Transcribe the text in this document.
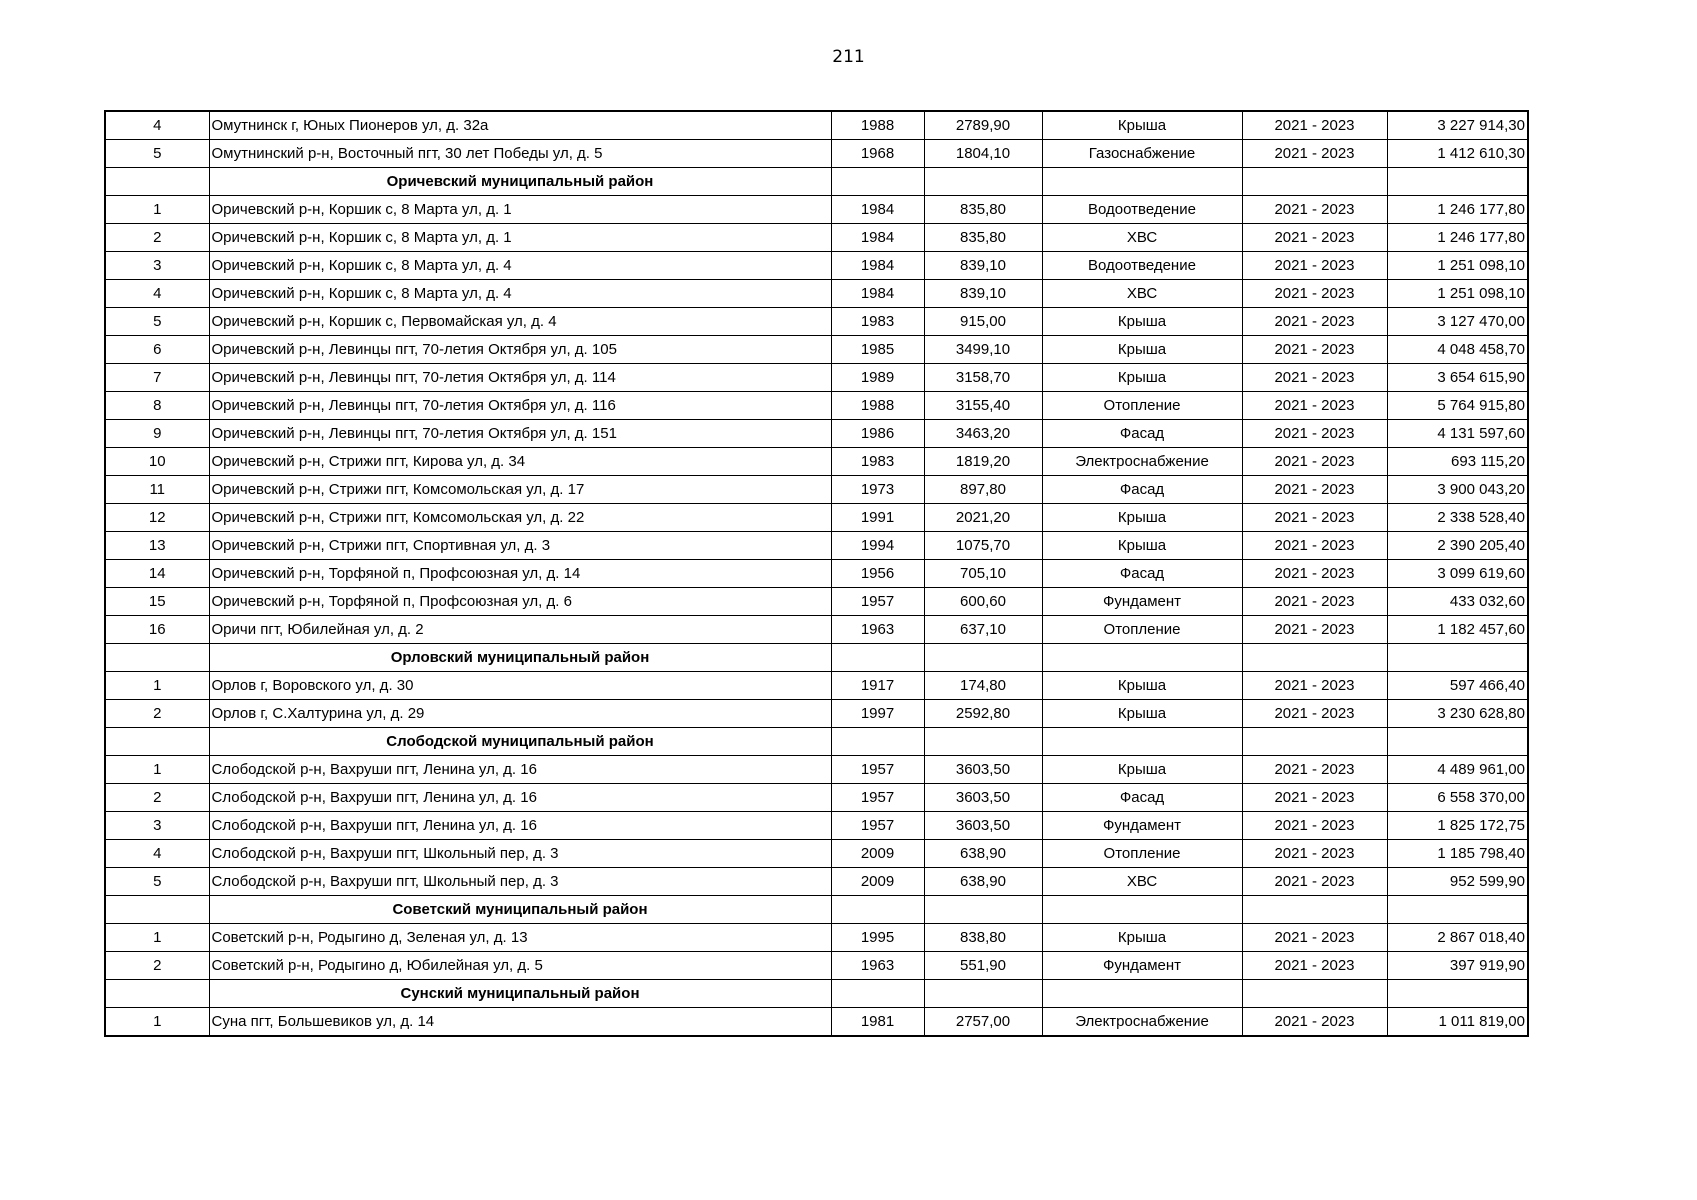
211
4	Омутнинск г, Юных Пионеров ул, д. 32а	1988	2789,90	Крыша	2021 - 2023	3 227 914,30
5	Омутнинский р-н, Восточный пгт, 30 лет Победы ул, д. 5	1968	1804,10	Газоснабжение	2021 - 2023	1 412 610,30
	Оричевский муниципальный район					
1	Оричевский р-н, Коршик с, 8 Марта ул, д. 1	1984	835,80	Водоотведение	2021 - 2023	1 246 177,80
2	Оричевский р-н, Коршик с, 8 Марта ул, д. 1	1984	835,80	ХВС	2021 - 2023	1 246 177,80
3	Оричевский р-н, Коршик с, 8 Марта ул, д. 4	1984	839,10	Водоотведение	2021 - 2023	1 251 098,10
4	Оричевский р-н, Коршик с, 8 Марта ул, д. 4	1984	839,10	ХВС	2021 - 2023	1 251 098,10
5	Оричевский р-н, Коршик с, Первомайская ул, д. 4	1983	915,00	Крыша	2021 - 2023	3 127 470,00
6	Оричевский р-н, Левинцы пгт, 70-летия Октября ул, д. 105	1985	3499,10	Крыша	2021 - 2023	4 048 458,70
7	Оричевский р-н, Левинцы пгт, 70-летия Октября ул, д. 114	1989	3158,70	Крыша	2021 - 2023	3 654 615,90
8	Оричевский р-н, Левинцы пгт, 70-летия Октября ул, д. 116	1988	3155,40	Отопление	2021 - 2023	5 764 915,80
9	Оричевский р-н, Левинцы пгт, 70-летия Октября ул, д. 151	1986	3463,20	Фасад	2021 - 2023	4 131 597,60
10	Оричевский р-н, Стрижи пгт, Кирова ул, д. 34	1983	1819,20	Электроснабжение	2021 - 2023	693 115,20
11	Оричевский р-н, Стрижи пгт, Комсомольская ул, д. 17	1973	897,80	Фасад	2021 - 2023	3 900 043,20
12	Оричевский р-н, Стрижи пгт, Комсомольская ул, д. 22	1991	2021,20	Крыша	2021 - 2023	2 338 528,40
13	Оричевский р-н, Стрижи пгт, Спортивная ул, д. 3	1994	1075,70	Крыша	2021 - 2023	2 390 205,40
14	Оричевский р-н, Торфяной п, Профсоюзная ул, д. 14	1956	705,10	Фасад	2021 - 2023	3 099 619,60
15	Оричевский р-н, Торфяной п, Профсоюзная ул, д. 6	1957	600,60	Фундамент	2021 - 2023	433 032,60
16	Оричи пгт, Юбилейная ул, д. 2	1963	637,10	Отопление	2021 - 2023	1 182 457,60
	Орловский муниципальный район					
1	Орлов г, Воровского ул, д. 30	1917	174,80	Крыша	2021 - 2023	597 466,40
2	Орлов г, С.Халтурина ул, д. 29	1997	2592,80	Крыша	2021 - 2023	3 230 628,80
	Слободской муниципальный район					
1	Слободской р-н, Вахруши пгт, Ленина ул, д. 16	1957	3603,50	Крыша	2021 - 2023	4 489 961,00
2	Слободской р-н, Вахруши пгт, Ленина ул, д. 16	1957	3603,50	Фасад	2021 - 2023	6 558 370,00
3	Слободской р-н, Вахруши пгт, Ленина ул, д. 16	1957	3603,50	Фундамент	2021 - 2023	1 825 172,75
4	Слободской р-н, Вахруши пгт, Школьный пер, д. 3	2009	638,90	Отопление	2021 - 2023	1 185 798,40
5	Слободской р-н, Вахруши пгт, Школьный пер, д. 3	2009	638,90	ХВС	2021 - 2023	952 599,90
	Советский муниципальный район					
1	Советский р-н, Родыгино д, Зеленая ул, д. 13	1995	838,80	Крыша	2021 - 2023	2 867 018,40
2	Советский р-н, Родыгино д, Юбилейная ул, д. 5	1963	551,90	Фундамент	2021 - 2023	397 919,90
	Сунский муниципальный район					
1	Суна пгт, Большевиков ул, д. 14	1981	2757,00	Электроснабжение	2021 - 2023	1 011 819,00
